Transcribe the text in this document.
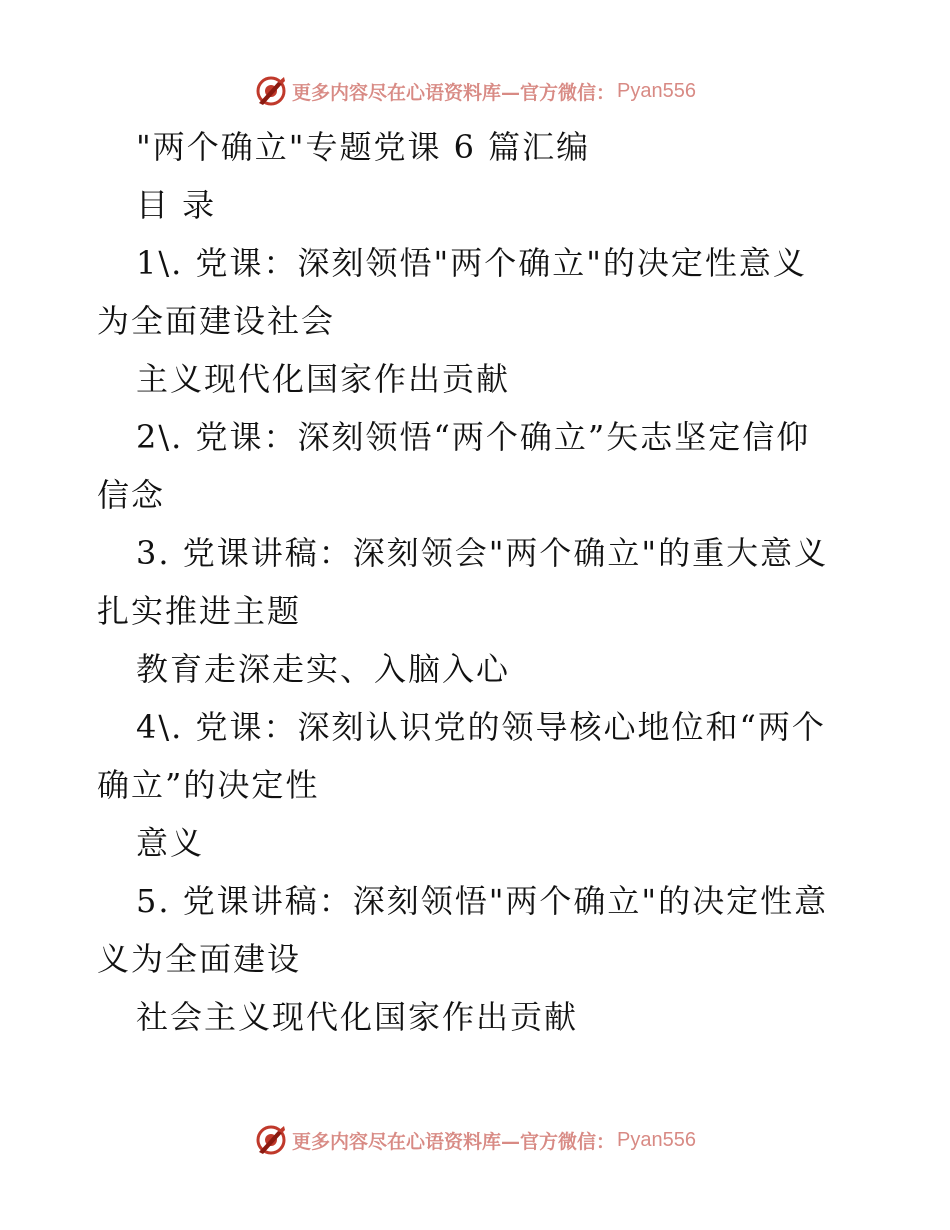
更多内容尽在心语资料库—官方微信： Pyan556
"两个确立"专题党课 6 篇汇编
目 录
1\. 党课：深刻领悟"两个确立"的决定性意义
为全面建设社会
主义现代化国家作出贡献
2\. 党课：深刻领悟“两个确立”矢志坚定信仰
信念
3. 党课讲稿：深刻领会"两个确立"的重大意义
扎实推进主题
教育走深走实、入脑入心
4\. 党课：深刻认识党的领导核心地位和“两个
确立”的决定性
意义
5. 党课讲稿：深刻领悟"两个确立"的决定性意
义为全面建设
社会主义现代化国家作出贡献
更多内容尽在心语资料库—官方微信： Pyan556
